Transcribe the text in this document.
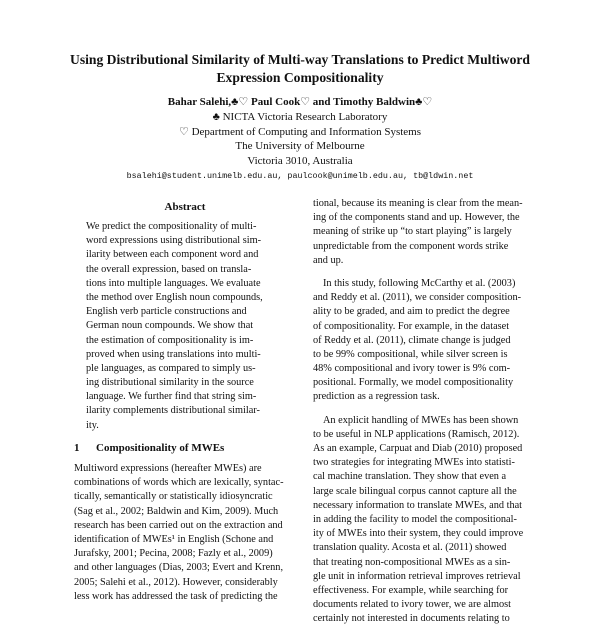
Using Distributional Similarity of Multi-way Translations to Predict Multiword Expression Compositionality
Bahar Salehi,♣♡ Paul Cook♡ and Timothy Baldwin♣♡
♣ NICTA Victoria Research Laboratory
♡ Department of Computing and Information Systems
The University of Melbourne
Victoria 3010, Australia
bsalehi@student.unimelb.edu.au, paulcook@unimelb.edu.au, tb@ldwin.net
Abstract
We predict the compositionality of multi-
word expressions using distributional sim-
ilarity between each component word and
the overall expression, based on transla-
tions into multiple languages. We evaluate
the method over English noun compounds,
English verb particle constructions and
German noun compounds. We show that
the estimation of compositionality is im-
proved when using translations into multi-
ple languages, as compared to simply us-
ing distributional similarity in the source
language. We further find that string sim-
ilarity complements distributional similar-
ity.
1 Compositionality of MWEs
Multiword expressions (hereafter MWEs) are
combinations of words which are lexically, syntac-
tically, semantically or statistically idiosyncratic
(Sag et al., 2002; Baldwin and Kim, 2009). Much
research has been carried out on the extraction and
identification of MWEs¹ in English (Schone and
Jurafsky, 2001; Pecina, 2008; Fazly et al., 2009)
and other languages (Dias, 2003; Evert and Krenn,
2005; Salehi et al., 2012). However, considerably
less work has addressed the task of predicting the
tional, because its meaning is clear from the mean-
ing of the components stand and up. However, the
meaning of strike up “to start playing” is largely
unpredictable from the component words strike
and up.
In this study, following McCarthy et al. (2003)
and Reddy et al. (2011), we consider composition-
ality to be graded, and aim to predict the degree
of compositionality. For example, in the dataset
of Reddy et al. (2011), climate change is judged
to be 99% compositional, while silver screen is
48% compositional and ivory tower is 9% com-
positional. Formally, we model compositionality
prediction as a regression task.
An explicit handling of MWEs has been shown
to be useful in NLP applications (Ramisch, 2012).
As an example, Carpuat and Diab (2010) proposed
two strategies for integrating MWEs into statisti-
cal machine translation. They show that even a
large scale bilingual corpus cannot capture all the
necessary information to translate MWEs, and that
in adding the facility to model the compositional-
ity of MWEs into their system, they could improve
translation quality. Acosta et al. (2011) showed
that treating non-compositional MWEs as a sin-
gle unit in information retrieval improves retrieval
effectiveness. For example, while searching for
documents related to ivory tower, we are almost
certainly not interested in documents relating to
